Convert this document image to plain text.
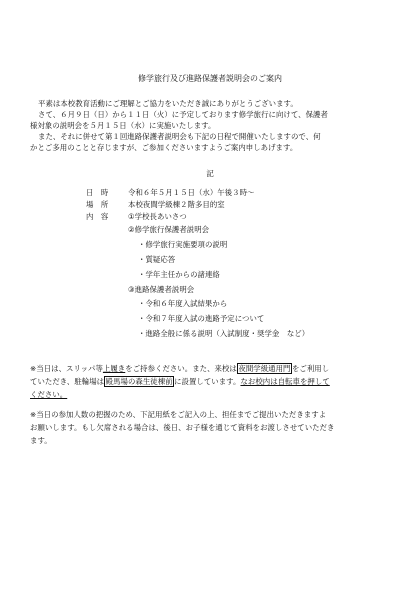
修学旅行及び進路保護者説明会のご案内
平素は本校教育活動にご理解とご協力をいただき誠にありがとうございます。
さて、６月９日（日）から１１日（火）に予定しております修学旅行に向けて、保護者
様対象の説明会を５月１５日（水）に実施いたします。
また、それに併せて第１回進路保護者説明会も下記の日程で開催いたしますので、何
かとご多用のことと存じますが、ご参加くださいますようご案内申しあげます。
記
日　時	令和６年５月１５日（水）午後３時～
場　所	本校夜間学級棟２階多目的室
内　容	①学校長あいさつ
②修学旅行保護者説明会
・修学旅行実施要項の説明
・質疑応答
・学年主任からの諸連絡
③進路保護者説明会
・令和６年度入試結果から
・令和７年度入試の進路予定について
・進路全般に係る説明（入試制度・奨学金　など）
※当日は、スリッパ等上履きをご持参ください。また、来校は 夜間学級通用門 をご利用し
ていただき、駐輪場は 殿馬場の森生徒棟前 に設置しています。なお校内は自転車を押して
ください。
※当日の参加人数の把握のため、下記用紙をご記入の上、担任までご提出いただきますよ
お願いします。もし欠席される場合は、後日、お子様を通じて資料をお渡しさせていただき
ます。
